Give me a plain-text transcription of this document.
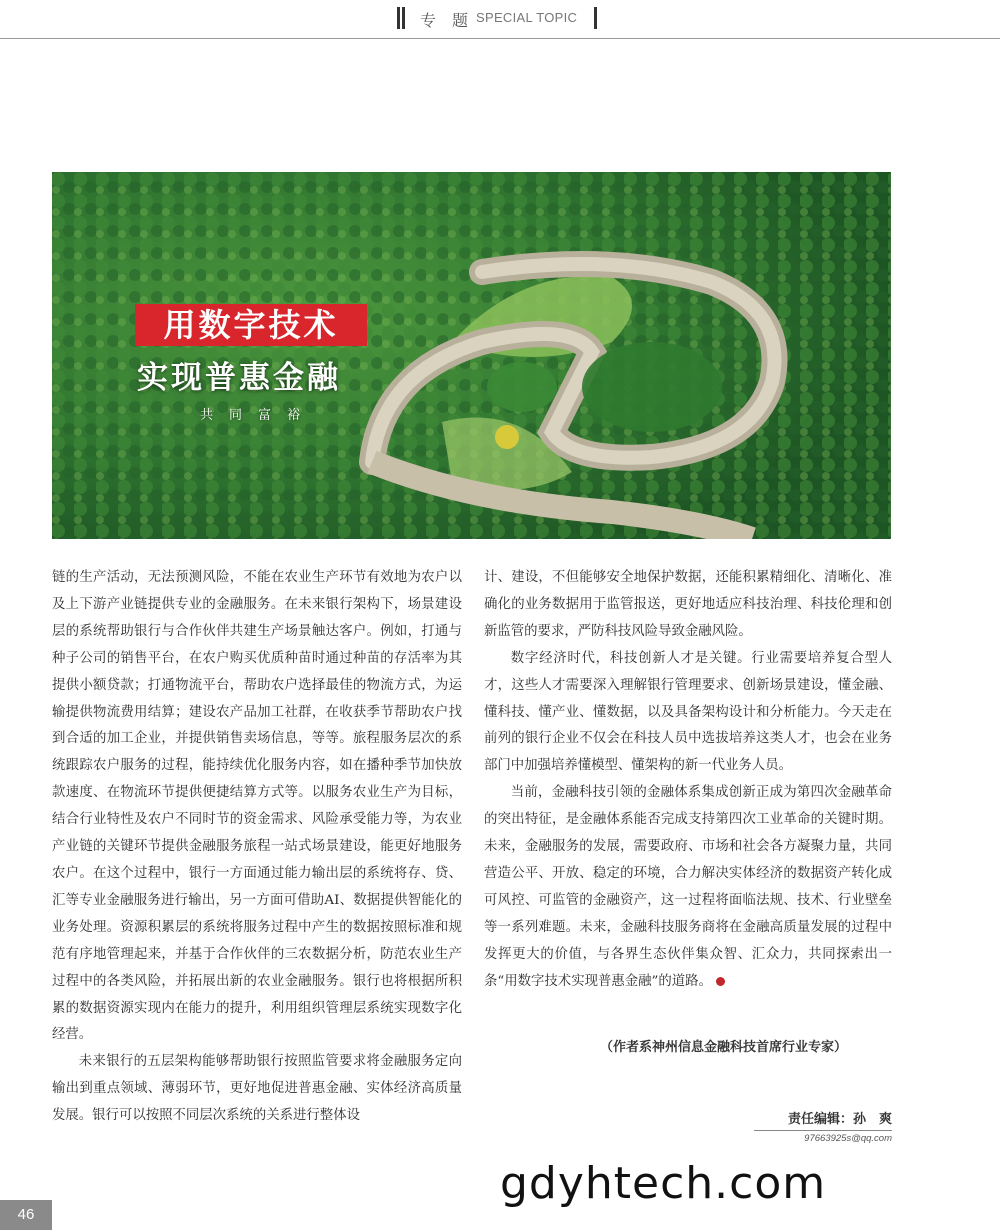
专题
SPECIAL TOPIC
用数字技术
实现普惠金融
共同富裕

链的生产活动，无法预测风险，不能在农业生产环节有效地为农户以及上下游产业链提供专业的金融服务。在未来银行架构下，场景建设层的系统帮助银行与合作伙伴共建生产场景触达客户。例如，打通与种子公司的销售平台，在农户购买优质种苗时通过种苗的存活率为其提供小额贷款；打通物流平台，帮助农户选择最佳的物流方式，为运输提供物流费用结算；建设农产品加工社群，在收获季节帮助农户找到合适的加工企业，并提供销售卖场信息，等等。旅程服务层次的系统跟踪农户服务的过程，能持续优化服务内容，如在播种季节加快放款速度、在物流环节提供便捷结算方式等。以服务农业生产为目标，结合行业特性及农户不同时节的资金需求、风险承受能力等，为农业产业链的关键环节提供金融服务旅程一站式场景建设，能更好地服务农户。在这个过程中，银行一方面通过能力输出层的系统将存、贷、汇等专业金融服务进行输出，另一方面可借助AI、数据提供智能化的业务处理。资源积累层的系统将服务过程中产生的数据按照标准和规范有序地管理起来，并基于合作伙伴的三农数据分析，防范农业生产过程中的各类风险，并拓展出新的农业金融服务。银行也将根据所积累的数据资源实现内在能力的提升，利用组织管理层系统实现数字化经营。

未来银行的五层架构能够帮助银行按照监管要求将金融服务定向输出到重点领域、薄弱环节，更好地促进普惠金融、实体经济高质量发展。银行可以按照不同层次系统的关系进行整体设

计、建设，不但能够安全地保护数据，还能积累精细化、清晰化、准确化的业务数据用于监管报送，更好地适应科技治理、科技伦理和创新监管的要求，严防科技风险导致金融风险。

数字经济时代，科技创新人才是关键。行业需要培养复合型人才，这些人才需要深入理解银行管理要求、创新场景建设，懂金融、懂科技、懂产业、懂数据，以及具备架构设计和分析能力。今天走在前列的银行企业不仅会在科技人员中选拔培养这类人才，也会在业务部门中加强培养懂模型、懂架构的新一代业务人员。

当前，金融科技引领的金融体系集成创新正成为第四次金融革命的突出特征，是金融体系能否完成支持第四次工业革命的关键时期。未来，金融服务的发展，需要政府、市场和社会各方凝聚力量，共同营造公平、开放、稳定的环境，合力解决实体经济的数据资产转化成可风控、可监管的金融资产，这一过程将面临法规、技术、行业壁垒等一系列难题。未来，金融科技服务商将在金融高质量发展的过程中发挥更大的价值，与各界生态伙伴集众智、汇众力，共同探索出一条“用数字技术实现普惠金融”的道路。

（作者系神州信息金融科技首席行业专家）
责任编辑：孙　爽
97663925s@qq.com
gdyhtech.com
46
